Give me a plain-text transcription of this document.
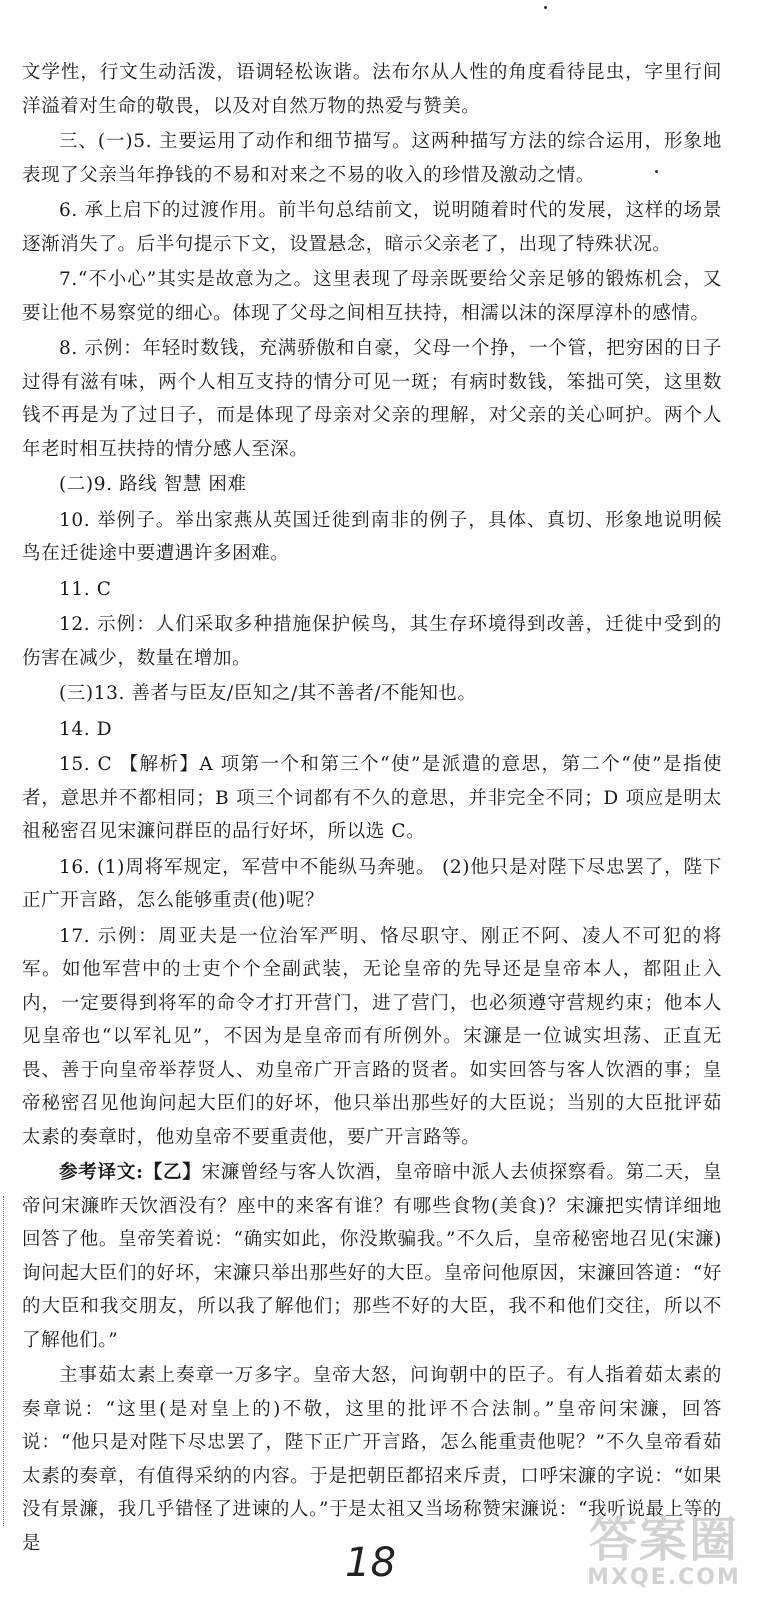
文学性，行文生动活泼，语调轻松诙谐。法布尔从人性的角度看待昆虫，字里行间洋溢着对生命的敬畏，以及对自然万物的热爱与赞美。

三、(一)5. 主要运用了动作和细节描写。这两种描写方法的综合运用，形象地表现了父亲当年挣钱的不易和对来之不易的收入的珍惜及激动之情。

6. 承上启下的过渡作用。前半句总结前文，说明随着时代的发展，这样的场景逐渐消失了。后半句提示下文，设置悬念，暗示父亲老了，出现了特殊状况。

7.“不小心”其实是故意为之。这里表现了母亲既要给父亲足够的锻炼机会，又要让他不易察觉的细心。体现了父母之间相互扶持，相濡以沫的深厚淳朴的感情。

8. 示例：年轻时数钱，充满骄傲和自豪，父母一个挣，一个管，把穷困的日子过得有滋有味，两个人相互支持的情分可见一斑；有病时数钱，笨拙可笑，这里数钱不再是为了过日子，而是体现了母亲对父亲的理解，对父亲的关心呵护。两个人年老时相互扶持的情分感人至深。

(二)9. 路线 智慧 困难

10. 举例子。举出家燕从英国迁徙到南非的例子，具体、真切、形象地说明候鸟在迁徙途中要遭遇许多困难。

11. C

12. 示例：人们采取多种措施保护候鸟，其生存环境得到改善，迁徙中受到的伤害在减少，数量在增加。

(三)13. 善者与臣友/臣知之/其不善者/不能知也。

14. D

15. C 【解析】A 项第一个和第三个“使”是派遣的意思，第二个“使”是指使者，意思并不都相同；B 项三个词都有不久的意思，并非完全不同；D 项应是明太祖秘密召见宋濂问群臣的品行好坏，所以选 C。

16. (1)周将军规定，军营中不能纵马奔驰。 (2)他只是对陛下尽忠罢了，陛下正广开言路，怎么能够重责(他)呢？

17. 示例：周亚夫是一位治军严明、恪尽职守、刚正不阿、凌人不可犯的将军。如他军营中的士吏个个全副武装，无论皇帝的先导还是皇帝本人，都阻止入内，一定要得到将军的命令才打开营门，进了营门，也必须遵守营规约束；他本人见皇帝也“以军礼见”，不因为是皇帝而有所例外。宋濂是一位诚实坦荡、正直无畏、善于向皇帝举荐贤人、劝皇帝广开言路的贤者。如实回答与客人饮酒的事；皇帝秘密召见他询问起大臣们的好坏，他只举出那些好的大臣说；当别的大臣批评茹太素的奏章时，他劝皇帝不要重责他，要广开言路等。

参考译文:【乙】宋濂曾经与客人饮酒，皇帝暗中派人去侦探察看。第二天，皇帝问宋濂昨天饮酒没有？座中的来客有谁？有哪些食物(美食)？宋濂把实情详细地回答了他。皇帝笑着说：“确实如此，你没欺骗我。”不久后，皇帝秘密地召见(宋濂)询问起大臣们的好坏，宋濂只举出那些好的大臣。皇帝问他原因，宋濂回答道：“好的大臣和我交朋友，所以我了解他们；那些不好的大臣，我不和他们交往，所以不了解他们。”

主事茹太素上奏章一万多字。皇帝大怒，问询朝中的臣子。有人指着茹太素的奏章说：“这里(是对皇上的)不敬，这里的批评不合法制。”皇帝问宋濂，回答说：“他只是对陛下尽忠罢了，陛下正广开言路，怎么能重责他呢？”不久皇帝看茹太素的奏章，有值得采纳的内容。于是把朝臣都招来斥责，口呼宋濂的字说：“如果没有景濂，我几乎错怪了进谏的人。”于是太祖又当场称赞宋濂说：“我听说最上等的是	18	答案圈
MXQE.COM
